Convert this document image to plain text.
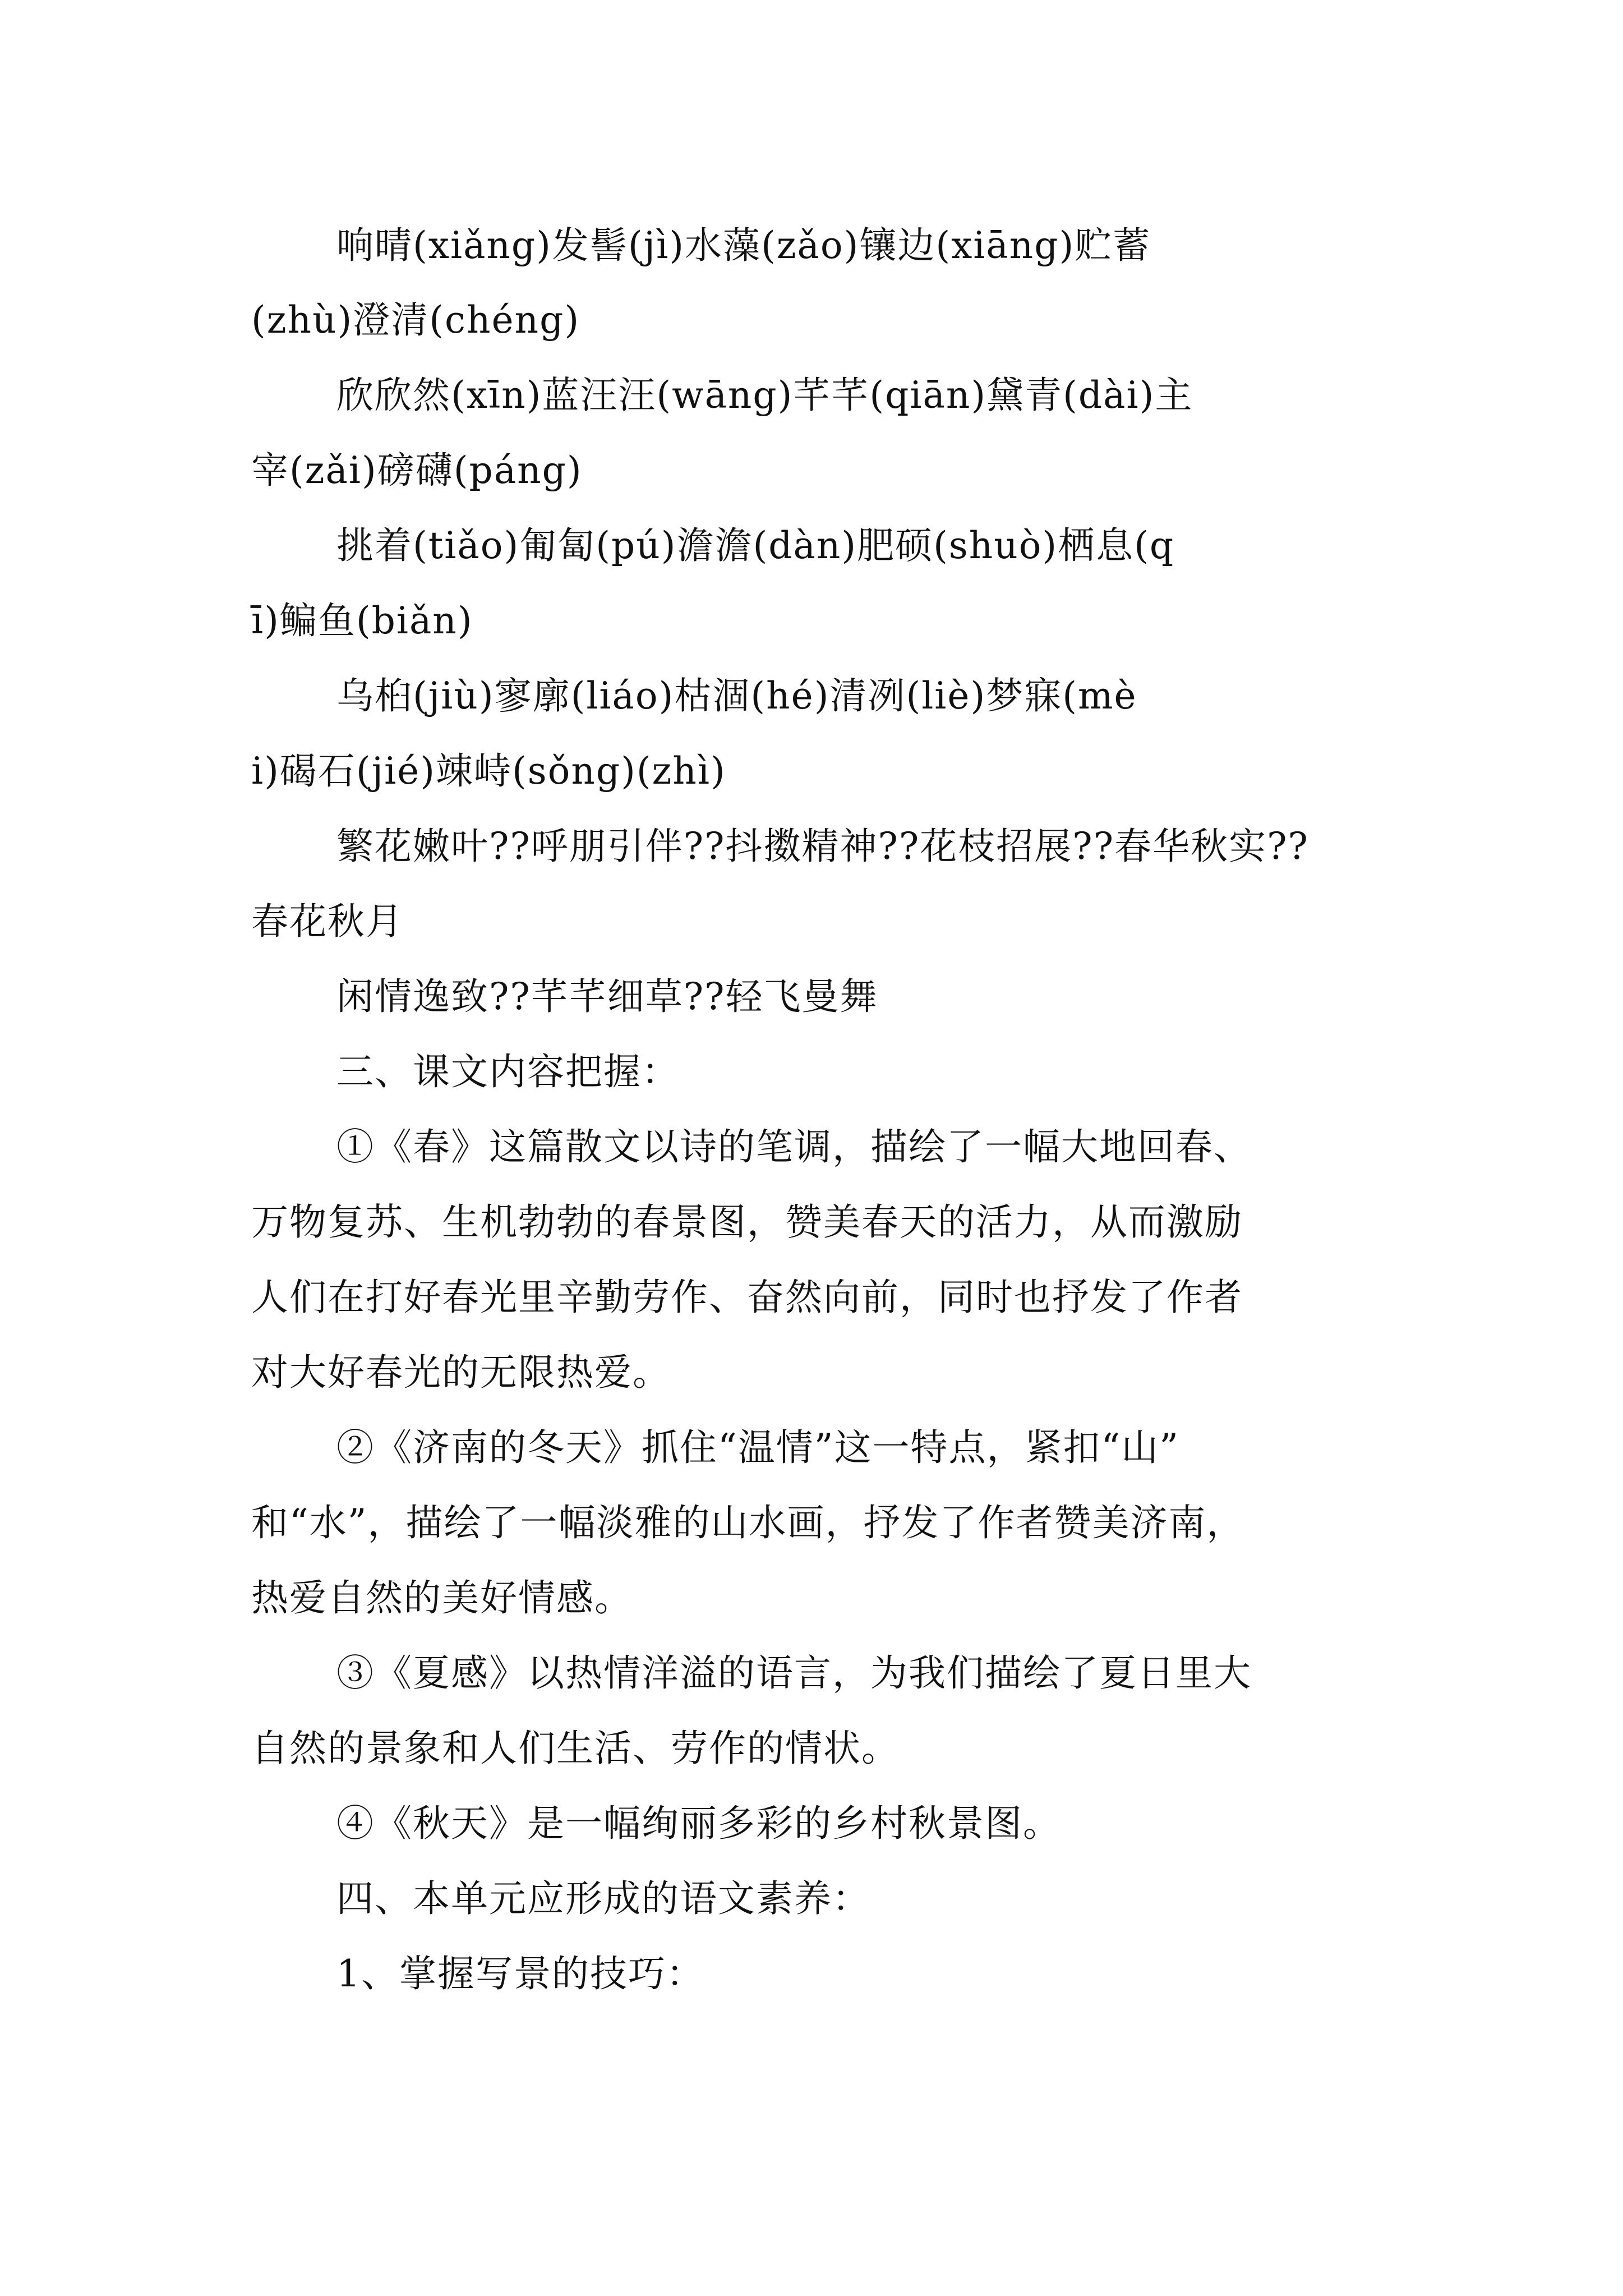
响晴(xiǎng)发髻(jì)水藻(zǎo)镶边(xiāng)贮蓄

(zhù)澄清(chéng)

欣欣然(xīn)蓝汪汪(wāng)芊芊(qiān)黛青(dài)主

宰(zǎi)磅礴(páng)

挑着(tiǎo)匍匐(pú)澹澹(dàn)肥硕(shuò)栖息(q

ī)鳊鱼(biǎn)

乌桕(jiù)寥廓(liáo)枯涸(hé)清冽(liè)梦寐(mè

i)碣石(jié)竦峙(sǒng)(zhì)

繁花嫩叶??呼朋引伴??抖擞精神??花枝招展??春华秋实??

春花秋月

闲情逸致??芊芊细草??轻飞曼舞

三、课文内容把握：

①《春》这篇散文以诗的笔调，描绘了一幅大地回春、

万物复苏、生机勃勃的春景图，赞美春天的活力，从而激励

人们在打好春光里辛勤劳作、奋然向前，同时也抒发了作者

对大好春光的无限热爱。

②《济南的冬天》抓住“温情”这一特点，紧扣“山”

和“水”，描绘了一幅淡雅的山水画，抒发了作者赞美济南，

热爱自然的美好情感。

③《夏感》以热情洋溢的语言，为我们描绘了夏日里大

自然的景象和人们生活、劳作的情状。

④《秋天》是一幅绚丽多彩的乡村秋景图。

四、本单元应形成的语文素养：

1、掌握写景的技巧：
